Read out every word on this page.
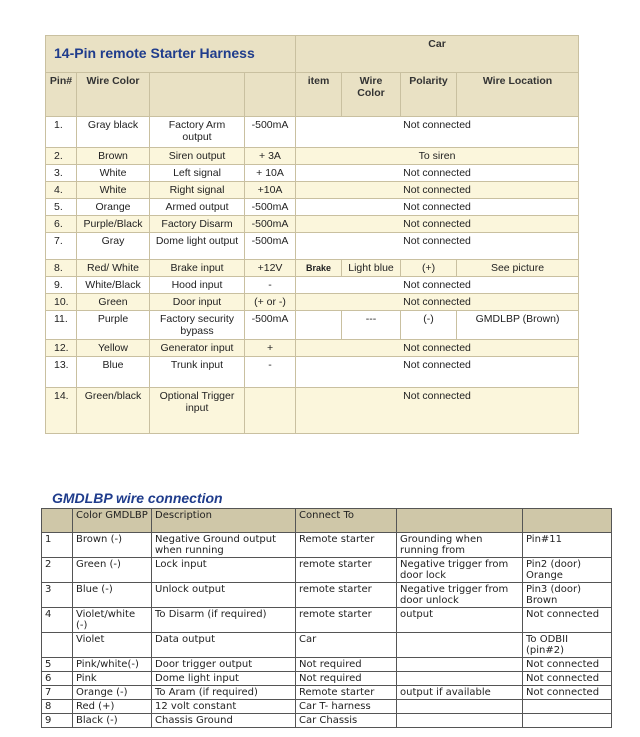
14-Pin remote Starter Harness				Car			
Pin#	Wire Color			item	Wire Color	Polarity	Wire Location
1.	Gray black	Factory Arm output	-500mA	Not connected			
2.	Brown	Siren output	+ 3A	To siren			
3.	White	Left signal	+ 10A	Not connected			
4.	White	Right signal	+10A	Not connected			
5.	Orange	Armed output	-500mA	Not connected			
6.	Purple/Black	Factory Disarm	-500mA	Not connected			
7.	Gray	Dome light output	-500mA	Not connected			
8.	Red/ White	Brake input	+12V	Brake	Light blue	(+)	See picture
9.	White/Black	Hood input	-	Not connected			
10.	Green	Door input	(+ or -)	Not connected			
11.	Purple	Factory security bypass	-500mA		---	(-)	GMDLBP (Brown)
12.	Yellow	Generator input	+	Not connected			
13.	Blue	Trunk input	-	Not connected			
14.	Green/black	Optional Trigger input		Not connected			
GMDLBP wire connection
	Color GMDLBP	Description	Connect To		
1	Brown (-)	Negative Ground output when running	Remote starter	Grounding when running from	Pin#11
2	Green (-)	Lock input	remote starter	Negative trigger from door lock	Pin2 (door) Orange
3	Blue (-)	Unlock output	remote starter	Negative trigger from door unlock	Pin3 (door) Brown
4	Violet/white (-)	To Disarm (if required)	remote starter	output	Not connected
	Violet	Data output	Car		To ODBII (pin#2)
5	Pink/white(-)	Door trigger output	Not required		Not connected
6	Pink	Dome light input	Not required		Not connected
7	Orange (-)	To Aram (if required)	Remote starter	output if available	Not connected
8	Red (+)	12 volt constant	Car T- harness		
9	Black (-)	Chassis Ground	Car Chassis		
